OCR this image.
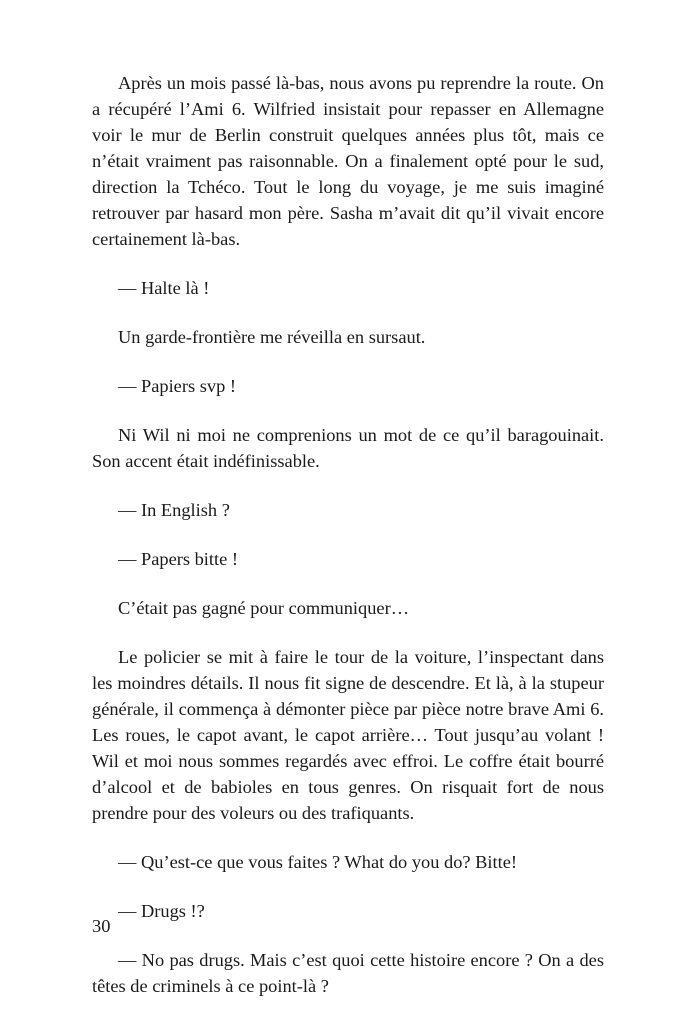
Après un mois passé là-bas, nous avons pu reprendre la route. On a récupéré l’Ami 6. Wilfried insistait pour repasser en Allemagne voir le mur de Berlin construit quelques années plus tôt, mais ce n’était vraiment pas raisonnable. On a finalement opté pour le sud, direction la Tchéco. Tout le long du voyage, je me suis imaginé retrouver par hasard mon père. Sasha m’avait dit qu’il vivait encore certainement là-bas.

— Halte là !

Un garde-frontière me réveilla en sursaut.

— Papiers svp !

Ni Wil ni moi ne comprenions un mot de ce qu’il baragouinait. Son accent était indéfinissable.

— In English ?

— Papers bitte !

C’était pas gagné pour communiquer…

Le policier se mit à faire le tour de la voiture, l’inspectant dans les moindres détails. Il nous fit signe de descendre. Et là, à la stupeur générale, il commença à démonter pièce par pièce notre brave Ami 6. Les roues, le capot avant, le capot arrière… Tout jusqu’au volant ! Wil et moi nous sommes regardés avec effroi. Le coffre était bourré d’alcool et de babioles en tous genres. On risquait fort de nous prendre pour des voleurs ou des trafiquants.

— Qu’est-ce que vous faites ? What do you do? Bitte!

— Drugs !?

— No pas drugs. Mais c’est quoi cette histoire encore ? On a des têtes de criminels à ce point-là ?

30
